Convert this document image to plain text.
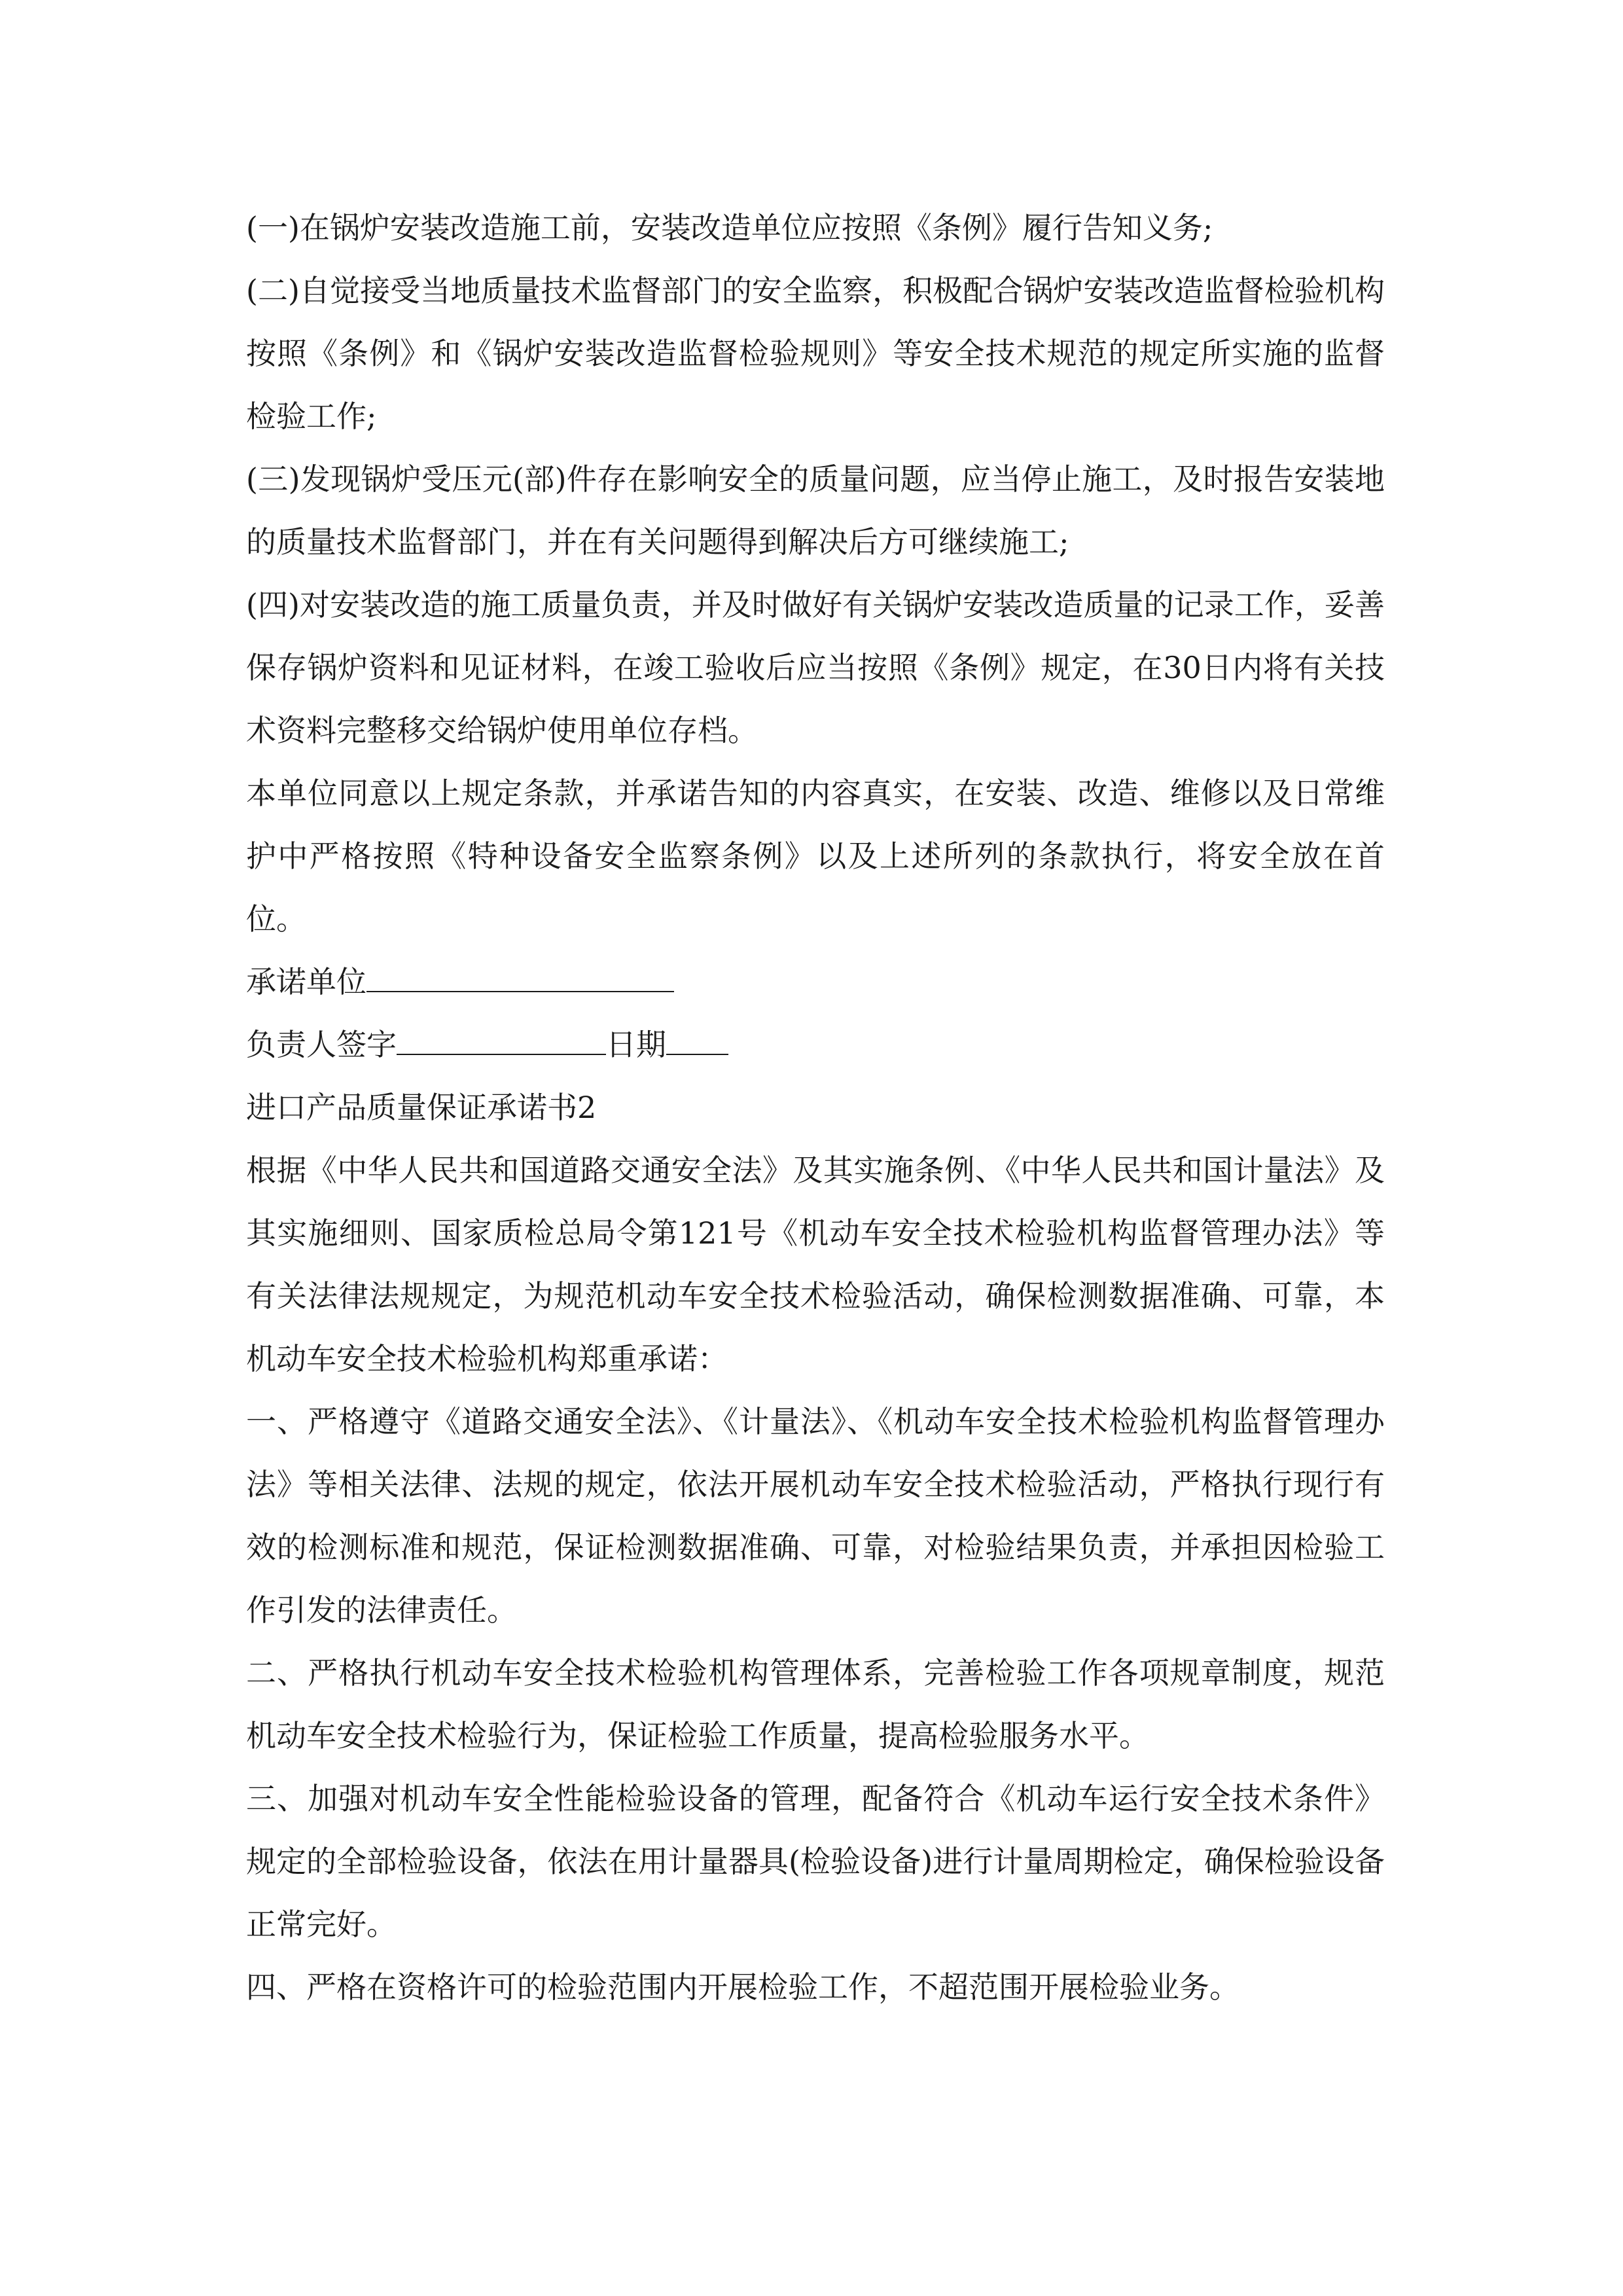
(一)在锅炉安装改造施工前，安装改造单位应按照《条例》履行告知义务;

(二)自觉接受当地质量技术监督部门的安全监察，积极配合锅炉安装改造监督检验机构按照《条例》和《锅炉安装改造监督检验规则》等安全技术规范的规定所实施的监督检验工作;

(三)发现锅炉受压元(部)件存在影响安全的质量问题，应当停止施工，及时报告安装地的质量技术监督部门，并在有关问题得到解决后方可继续施工;

(四)对安装改造的施工质量负责，并及时做好有关锅炉安装改造质量的记录工作，妥善保存锅炉资料和见证材料，在竣工验收后应当按照《条例》规定，在30日内将有关技术资料完整移交给锅炉使用单位存档。

本单位同意以上规定条款，并承诺告知的内容真实，在安装、改造、维修以及日常维护中严格按照《特种设备安全监察条例》以及上述所列的条款执行，将安全放在首位。

承诺单位

负责人签字	日期

进口产品质量保证承诺书2

根据《中华人民共和国道路交通安全法》及其实施条例、《中华人民共和国计量法》及其实施细则、国家质检总局令第121号《机动车安全技术检验机构监督管理办法》等有关法律法规规定，为规范机动车安全技术检验活动，确保检测数据准确、可靠，本机动车安全技术检验机构郑重承诺：

一、严格遵守《道路交通安全法》、《计量法》、《机动车安全技术检验机构监督管理办法》等相关法律、法规的规定，依法开展机动车安全技术检验活动，严格执行现行有效的检测标准和规范，保证检测数据准确、可靠，对检验结果负责，并承担因检验工作引发的法律责任。

二、严格执行机动车安全技术检验机构管理体系，完善检验工作各项规章制度，规范机动车安全技术检验行为，保证检验工作质量，提高检验服务水平。

三、加强对机动车安全性能检验设备的管理，配备符合《机动车运行安全技术条件》规定的全部检验设备，依法在用计量器具(检验设备)进行计量周期检定，确保检验设备正常完好。

四、严格在资格许可的检验范围内开展检验工作，不超范围开展检验业务。
